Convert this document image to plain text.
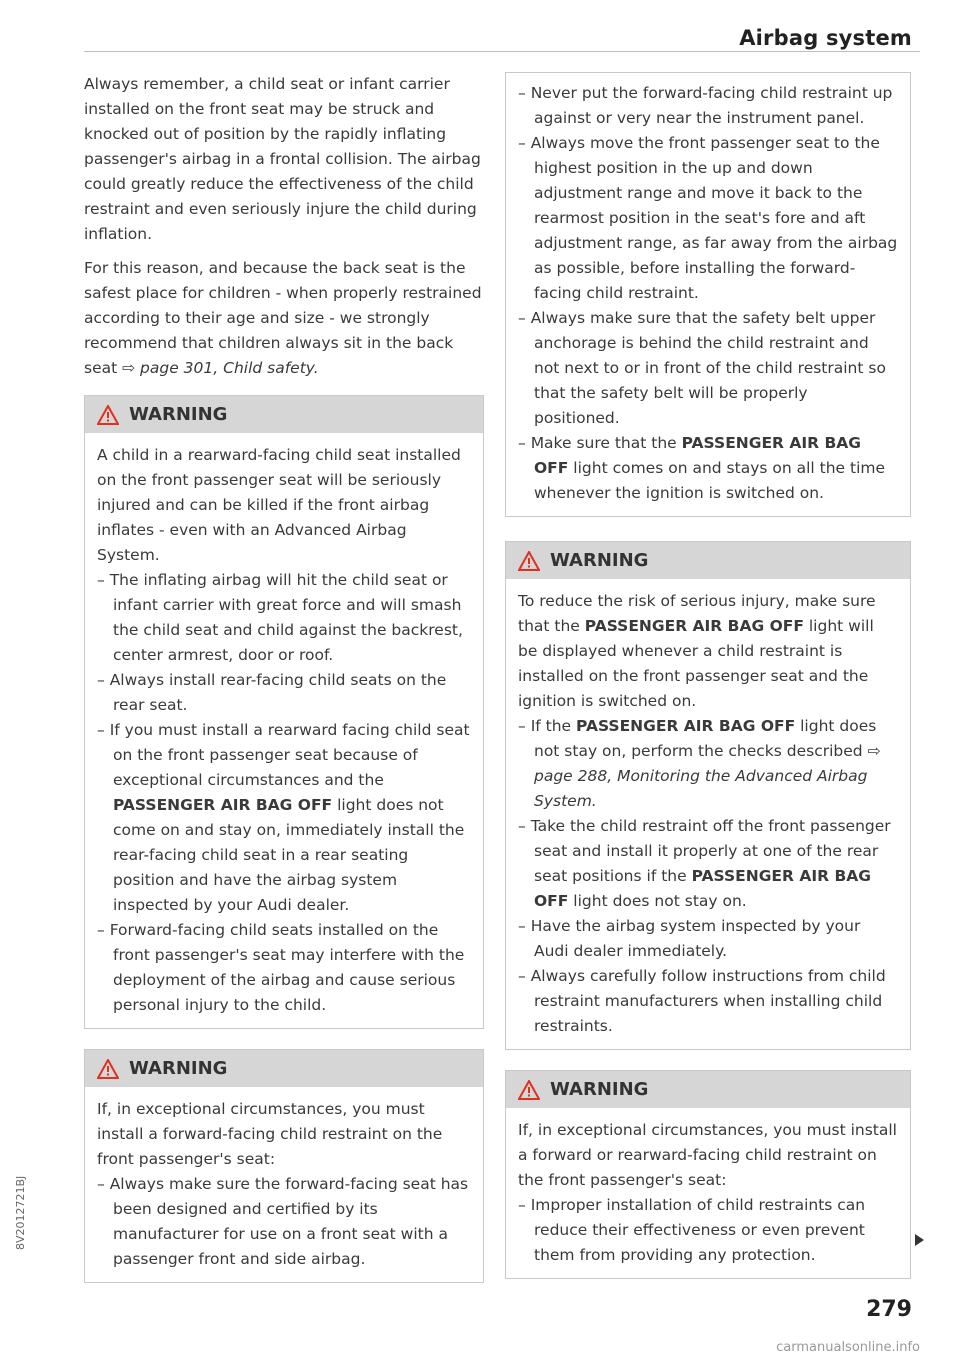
Airbag system

Always remember, a child seat or infant carrier installed on the front seat may be struck and knocked out of position by the rapidly inflating passenger's airbag in a frontal collision. The airbag could greatly reduce the effectiveness of the child restraint and even seriously injure the child during inflation.

For this reason, and because the back seat is the safest place for children - when properly restrained according to their age and size - we strongly recommend that children always sit in the back seat ⇨ page 301, Child safety.

WARNING

A child in a rearward-facing child seat installed on the front passenger seat will be seriously injured and can be killed if the front airbag inflates - even with an Advanced Airbag System.

– The inflating airbag will hit the child seat or infant carrier with great force and will smash the child seat and child against the backrest, center armrest, door or roof.
– Always install rear-facing child seats on the rear seat.
– If you must install a rearward facing child seat on the front passenger seat because of exceptional circumstances and the PASSENGER AIR BAG OFF light does not come on and stay on, immediately install the rear-facing child seat in a rear seating position and have the airbag system inspected by your Audi dealer.
– Forward-facing child seats installed on the front passenger's seat may interfere with the deployment of the airbag and cause serious personal injury to the child.
WARNING

If, in exceptional circumstances, you must install a forward-facing child restraint on the front passenger's seat:

– Always make sure the forward-facing seat has been designed and certified by its manufacturer for use on a front seat with a passenger front and side airbag.
– Never put the forward-facing child restraint up against or very near the instrument panel.
– Always move the front passenger seat to the highest position in the up and down adjustment range and move it back to the rearmost position in the seat's fore and aft adjustment range, as far away from the airbag as possible, before installing the forward-facing child restraint.
– Always make sure that the safety belt upper anchorage is behind the child restraint and not next to or in front of the child restraint so that the safety belt will be properly positioned.
– Make sure that the PASSENGER AIR BAG OFF light comes on and stays on all the time whenever the ignition is switched on.
WARNING

To reduce the risk of serious injury, make sure that the PASSENGER AIR BAG OFF light will be displayed whenever a child restraint is installed on the front passenger seat and the ignition is switched on.

– If the PASSENGER AIR BAG OFF light does not stay on, perform the checks described ⇨ page 288, Monitoring the Advanced Airbag System.
– Take the child restraint off the front passenger seat and install it properly at one of the rear seat positions if the PASSENGER AIR BAG OFF light does not stay on.
– Have the airbag system inspected by your Audi dealer immediately.
– Always carefully follow instructions from child restraint manufacturers when installing child restraints.
WARNING

If, in exceptional circumstances, you must install a forward or rearward-facing child restraint on the front passenger's seat:

– Improper installation of child restraints can reduce their effectiveness or even prevent them from providing any protection.
279
8V2012721BJ
carmanualsonline.info
